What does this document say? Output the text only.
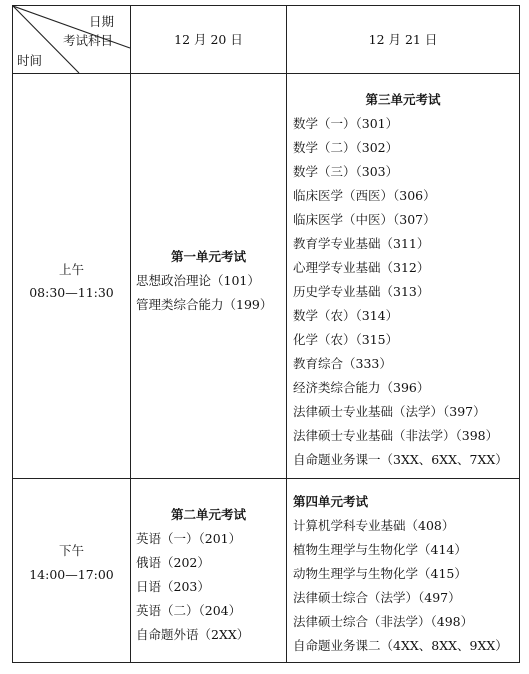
日期
考试科目
时间
12 月 20 日	12 月 21 日
上午
08:30—11:30
第一单元考试
思想政治理论（101）
管理类综合能力（199）
第三单元考试
数学（一）（301）
数学（二）（302）
数学（三）（303）
临床医学（西医）（306）
临床医学（中医）（307）
教育学专业基础（311）
心理学专业基础（312）
历史学专业基础（313）
数学（农）（314）
化学（农）（315）
教育综合（333）
经济类综合能力（396）
法律硕士专业基础（法学）（397）
法律硕士专业基础（非法学）（398）
自命题业务课一（3XX、6XX、7XX）
下午
14:00—17:00
第二单元考试
英语（一）（201）
俄语（202）
日语（203）
英语（二）（204）
自命题外语（2XX）
第四单元考试
计算机学科专业基础（408）
植物生理学与生物化学（414）
动物生理学与生物化学（415）
法律硕士综合（法学）（497）
法律硕士综合（非法学）（498）
自命题业务课二（4XX、8XX、9XX）
